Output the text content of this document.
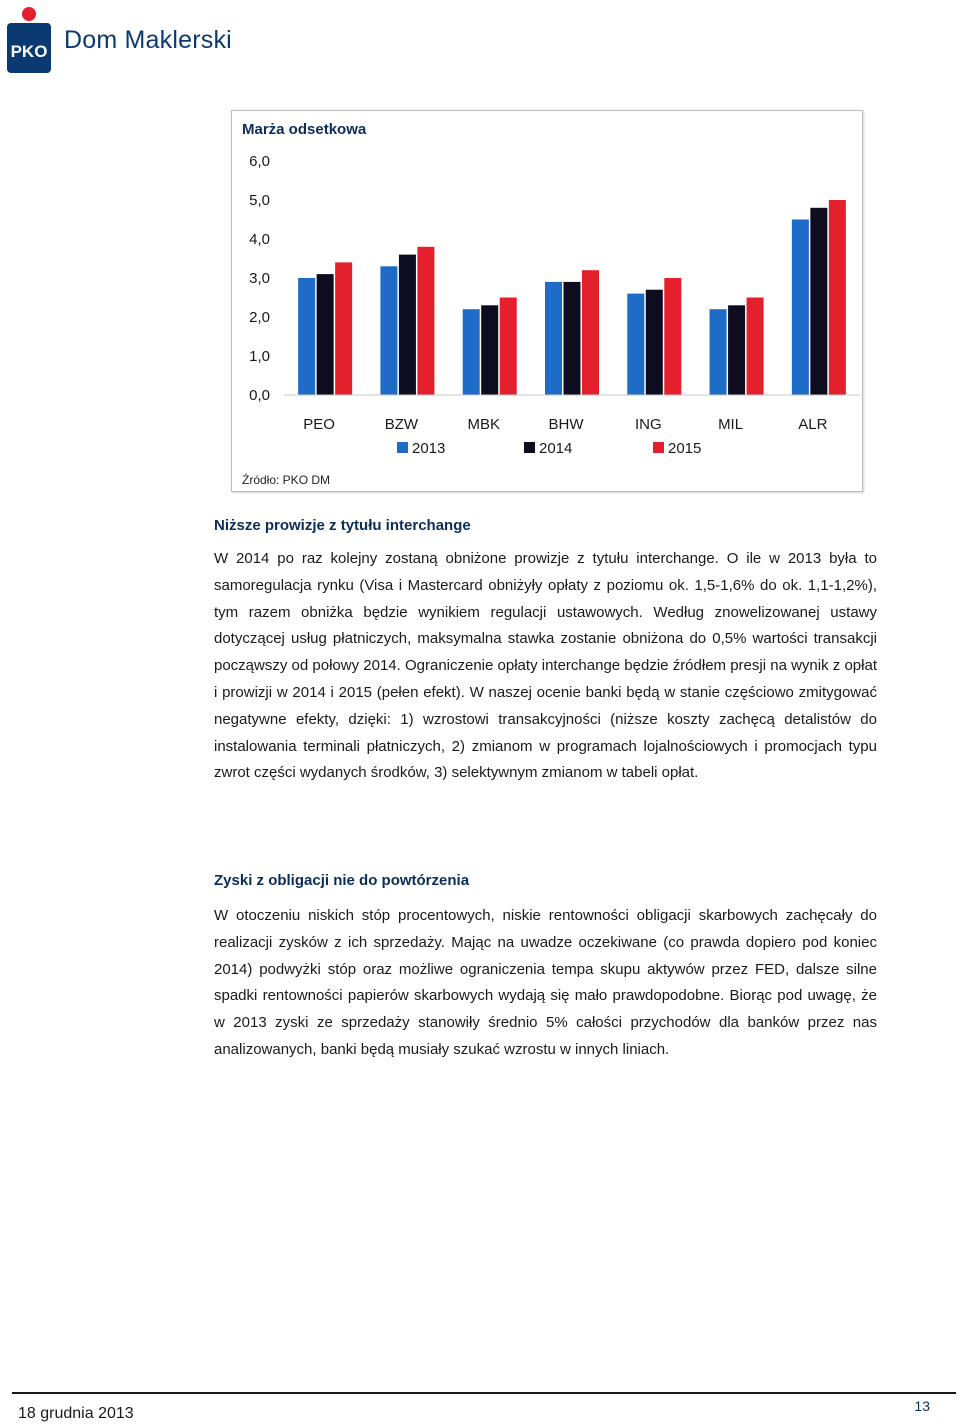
PKO Dom Maklerski
Marża odsetkowa
0,0
1,0
2,0
3,0
4,0
5,0
6,0
PEO	BZW	MBK	BHW	ING	MIL	ALR
2013	2014	2015
Źródło: PKO DM
Niższe prowizje z tytułu interchange

W 2014 po raz kolejny zostaną obniżone prowizje z tytułu interchange. O ile w 2013 była to samoregulacja rynku (Visa i Mastercard obniżyły opłaty z poziomu ok. 1,5-1,6% do ok. 1,1-1,2%), tym razem obniżka będzie wynikiem regulacji ustawowych. Według znowelizowanej ustawy dotyczącej usług płatniczych, maksymalna stawka zostanie obniżona do 0,5% wartości transakcji począwszy od połowy 2014. Ograniczenie opłaty interchange będzie źródłem presji na wynik z opłat i prowizji w 2014 i 2015 (pełen efekt). W naszej ocenie banki będą w stanie częściowo zmitygować negatywne efekty, dzięki: 1) wzrostowi transakcyjności (niższe koszty zachęcą detalistów do instalowania terminali płatniczych, 2) zmianom w programach lojalnościowych i promocjach typu zwrot części wydanych środków, 3) selektywnym zmianom w tabeli opłat.

Zyski z obligacji nie do powtórzenia

W otoczeniu niskich stóp procentowych, niskie rentowności obligacji skarbowych zachęcały do realizacji zysków z ich sprzedaży. Mając na uwadze oczekiwane (co prawda dopiero pod koniec 2014) podwyżki stóp oraz możliwe ograniczenia tempa skupu aktywów przez FED, dalsze silne spadki rentowności papierów skarbowych wydają się mało prawdopodobne. Biorąc pod uwagę, że w 2013 zyski ze sprzedaży stanowiły średnio 5% całości przychodów dla banków przez nas analizowanych, banki będą musiały szukać wzrostu w innych liniach.

18 grudnia 2013	13
